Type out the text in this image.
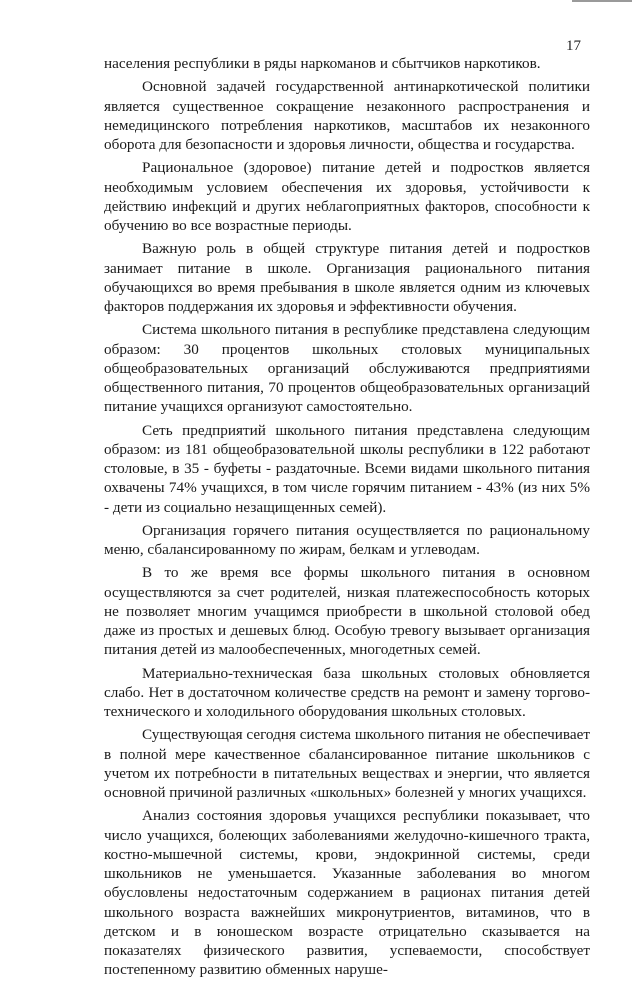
17

населения республики в ряды наркоманов и сбытчиков наркотиков.

Основной задачей государственной антинаркотической политики является существенное сокращение незаконного распространения и немедицинского потребления наркотиков, масштабов их незаконного оборота для безопасности и здоровья личности, общества и государства.

Рациональное (здоровое) питание детей и подростков является необходимым условием обеспечения их здоровья, устойчивости к действию инфекций и других неблагоприятных факторов, способности к обучению во все возрастные периоды.

Важную роль в общей структуре питания детей и подростков занимает питание в школе. Организация рационального питания обучающихся во время пребывания в школе является одним из ключевых факторов поддержания их здоровья и эффективности обучения.

Система школьного питания в республике представлена следующим образом: 30 процентов школьных столовых муниципальных общеобразовательных организаций обслуживаются предприятиями общественного питания, 70 процентов общеобразовательных организаций питание учащихся организуют самостоятельно.

Сеть предприятий школьного питания представлена следующим образом: из 181 общеобразовательной школы республики в 122 работают столовые, в 35 - буфеты - раздаточные. Всеми видами школьного питания охвачены 74% учащихся, в том числе горячим питанием - 43% (из них 5% - дети из социально незащищенных семей).

Организация горячего питания осуществляется по рациональному меню, сбалансированному по жирам, белкам и углеводам.

В то же время все формы школьного питания в основном осуществляются за счет родителей, низкая платежеспособность которых не позволяет многим учащимся приобрести в школьной столовой обед даже из простых и дешевых блюд. Особую тревогу вызывает организация питания детей из малообеспеченных, многодетных семей.

Материально-техническая база школьных столовых обновляется слабо. Нет в достаточном количестве средств на ремонт и замену торгово-технического и холодильного оборудования школьных столовых.

Существующая сегодня система школьного питания не обеспечивает в полной мере качественное сбалансированное питание школьников с учетом их потребности в питательных веществах и энергии, что является основной причиной различных «школьных» болезней у многих учащихся.

Анализ состояния здоровья учащихся республики показывает, что число учащихся, болеющих заболеваниями желудочно-кишечного тракта, костно-мышечной системы, крови, эндокринной системы, среди школьников не уменьшается. Указанные заболевания во многом обусловлены недостаточным содержанием в рационах питания детей школьного возраста важнейших микронутриентов, витаминов, что в детском и в юношеском возрасте отрицательно сказывается на показателях физического развития, успеваемости, способствует постепенному развитию обменных наруше-
